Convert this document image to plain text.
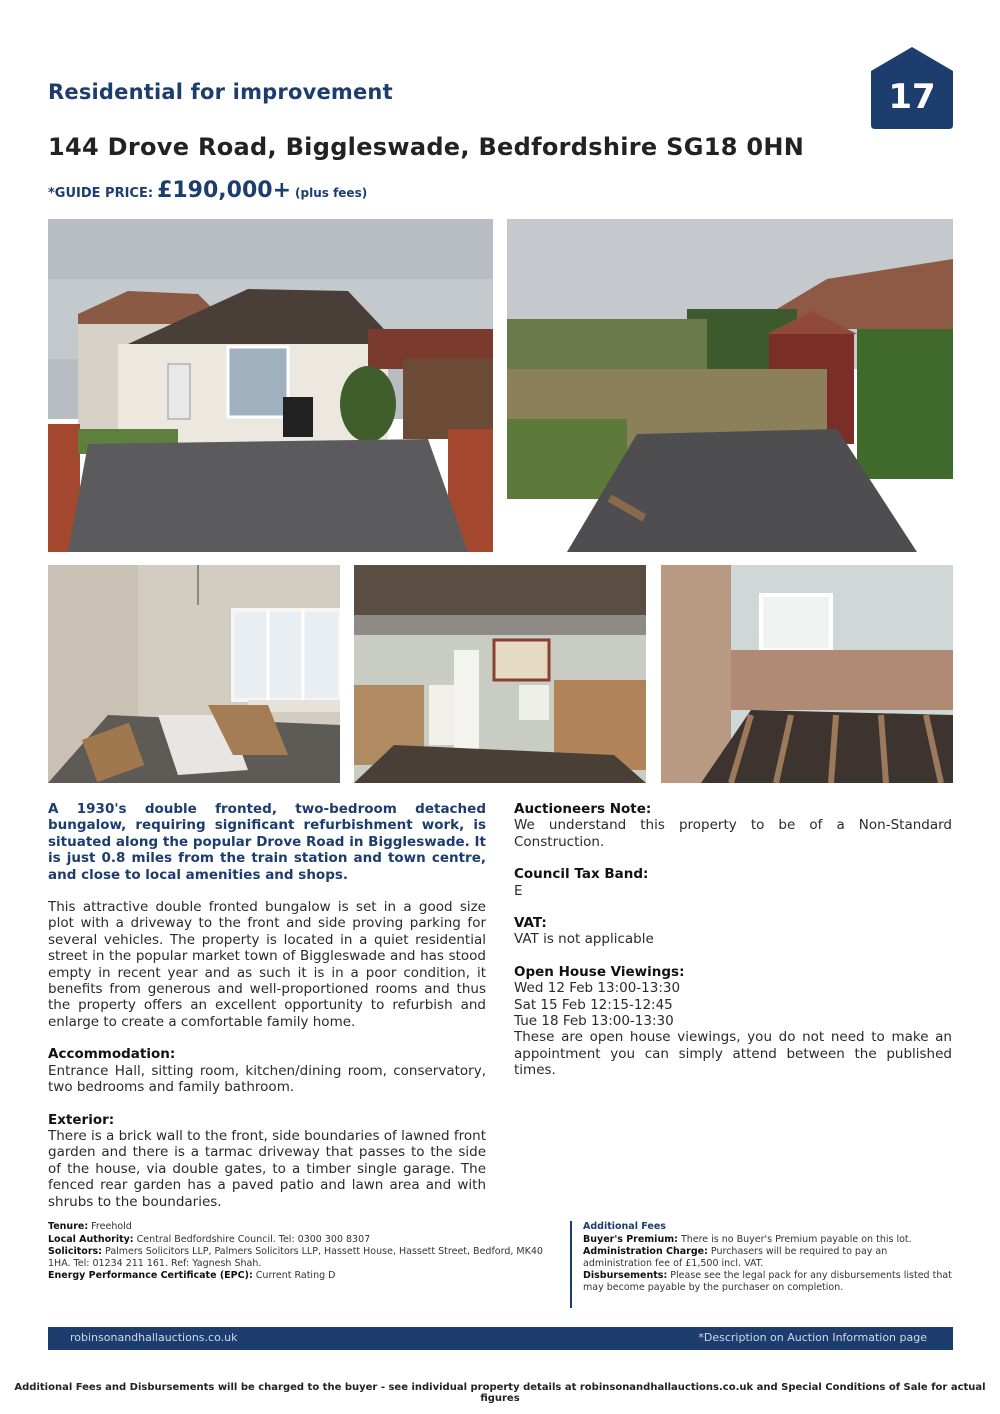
Residential for improvement	17
144 Drove Road, Biggleswade, Bedfordshire SG18 0HN
*GUIDE PRICE: £190,000+ (plus fees)

A 1930's double fronted, two-bedroom detached bungalow, requiring significant refurbishment work, is situated along the popular Drove Road in Biggleswade. It is just 0.8 miles from the train station and town centre, and close to local amenities and shops.

This attractive double fronted bungalow is set in a good size plot with a driveway to the front and side proving parking for several vehicles. The property is located in a quiet residential street in the popular market town of Biggleswade and has stood empty in recent year and as such it is in a poor condition, it benefits from generous and well-proportioned rooms and thus the property offers an excellent opportunity to refurbish and enlarge to create a comfortable family home.

Accommodation:

Entrance Hall, sitting room, kitchen/dining room, conservatory, two bedrooms and family bathroom.

Exterior:

There is a brick wall to the front, side boundaries of lawned front garden and there is a tarmac driveway that passes to the side of the house, via double gates, to a timber single garage. The fenced rear garden has a paved patio and lawn area and with shrubs to the boundaries.

Auctioneers Note:

We understand this property to be of a Non-Standard Construction.

Council Tax Band:

E

VAT:

VAT is not applicable

Open House Viewings:

Wed 12 Feb 13:00-13:30

Sat 15 Feb 12:15-12:45

Tue 18 Feb 13:00-13:30

These are open house viewings, you do not need to make an appointment you can simply attend between the published times.

Tenure: Freehold
Local Authority: Central Bedfordshire Council. Tel: 0300 300 8307
Solicitors: Palmers Solicitors LLP, Palmers Solicitors LLP, Hassett House, Hassett Street, Bedford, MK40 1HA. Tel: 01234 211 161. Ref: Yagnesh Shah.
Energy Performance Certificate (EPC): Current Rating D
Additional Fees
Buyer's Premium: There is no Buyer's Premium payable on this lot.
Administration Charge: Purchasers will be required to pay an administration fee of £1,500 incl. VAT.
Disbursements: Please see the legal pack for any disbursements listed that may become payable by the purchaser on completion.
robinsonandhallauctions.co.uk	*Description on Auction Information page
Additional Fees and Disbursements will be charged to the buyer - see individual property details at robinsonandhallauctions.co.uk and Special Conditions of Sale for actual figures
